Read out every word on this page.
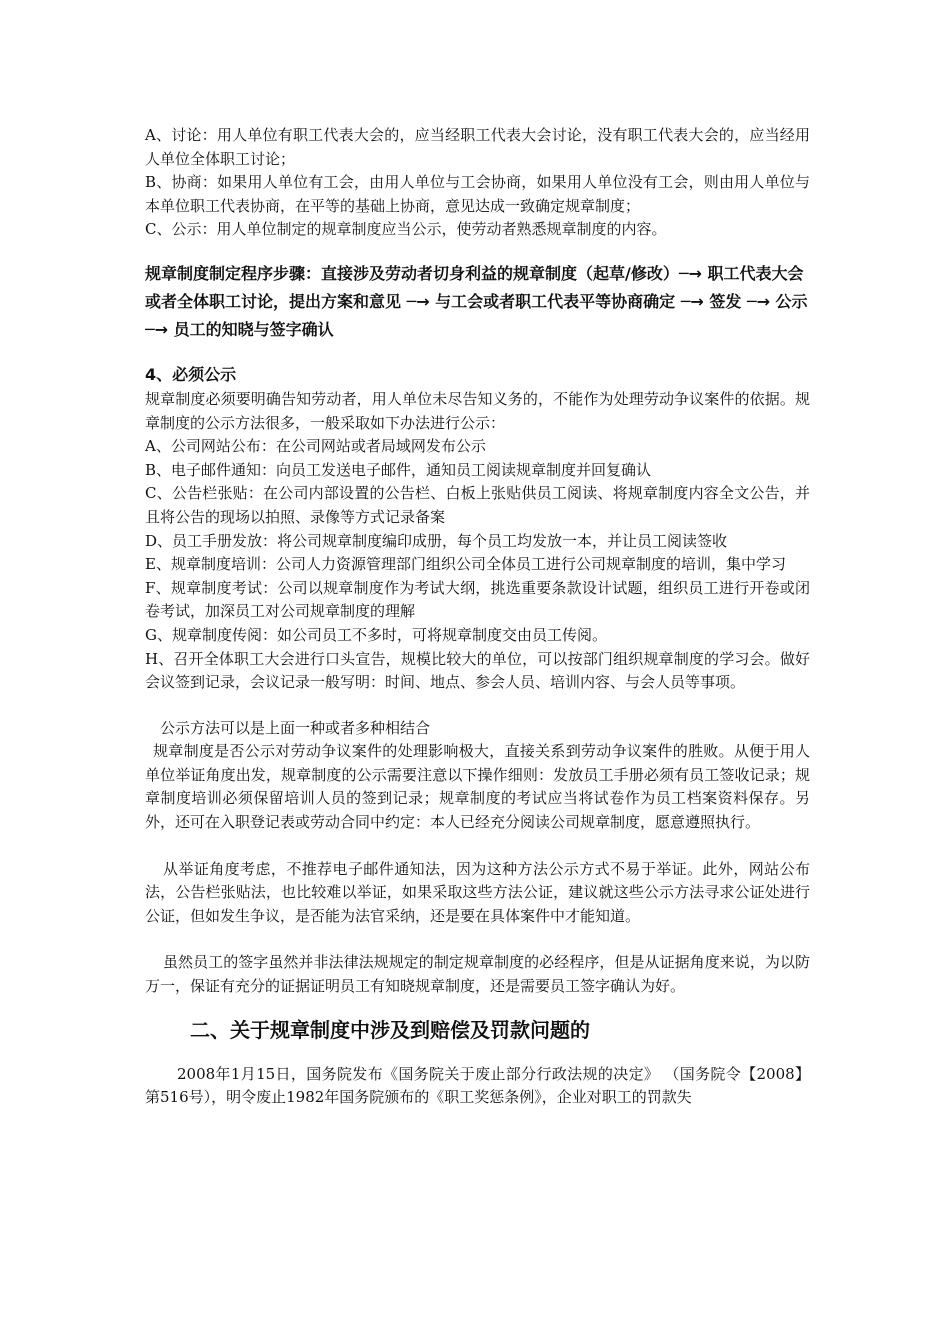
A、讨论：用人单位有职工代表大会的，应当经职工代表大会讨论，没有职工代表大会的，应当经用人单位全体职工讨论；

B、协商：如果用人单位有工会，由用人单位与工会协商，如果用人单位没有工会，则由用人单位与本单位职工代表协商，在平等的基础上协商，意见达成一致确定规章制度；

C、公示：用人单位制定的规章制度应当公示，使劳动者熟悉规章制度的内容。

规章制度制定程序步骤：直接涉及劳动者切身利益的规章制度（起草/修改）─→ 职工代表大会或者全体职工讨论，提出方案和意见 ─→ 与工会或者职工代表平等协商确定 ─→ 签发 ─→ 公示 ─→ 员工的知晓与签字确认

4、必须公示

规章制度必须要明确告知劳动者，用人单位未尽告知义务的，不能作为处理劳动争议案件的依据。规章制度的公示方法很多，一般采取如下办法进行公示：

A、公司网站公布：在公司网站或者局域网发布公示

B、电子邮件通知：向员工发送电子邮件，通知员工阅读规章制度并回复确认

C、公告栏张贴：在公司内部设置的公告栏、白板上张贴供员工阅读、将规章制度内容全文公告，并且将公告的现场以拍照、录像等方式记录备案

D、员工手册发放：将公司规章制度编印成册，每个员工均发放一本，并让员工阅读签收

E、规章制度培训：公司人力资源管理部门组织公司全体员工进行公司规章制度的培训，集中学习

F、规章制度考试：公司以规章制度作为考试大纲，挑选重要条款设计试题，组织员工进行开卷或闭卷考试，加深员工对公司规章制度的理解

G、规章制度传阅：如公司员工不多时，可将规章制度交由员工传阅。

H、召开全体职工大会进行口头宣告，规模比较大的单位，可以按部门组织规章制度的学习会。做好会议签到记录，会议记录一般写明：时间、地点、参会人员、培训内容、与会人员等事项。

公示方法可以是上面一种或者多种相结合

规章制度是否公示对劳动争议案件的处理影响极大，直接关系到劳动争议案件的胜败。从便于用人单位举证角度出发，规章制度的公示需要注意以下操作细则：发放员工手册必须有员工签收记录；规章制度培训必须保留培训人员的签到记录；规章制度的考试应当将试卷作为员工档案资料保存。另外，还可在入职登记表或劳动合同中约定：本人已经充分阅读公司规章制度，愿意遵照执行。

从举证角度考虑，不推荐电子邮件通知法，因为这种方法公示方式不易于举证。此外，网站公布法，公告栏张贴法，也比较难以举证，如果采取这些方法公证，建议就这些公示方法寻求公证处进行公证，但如发生争议，是否能为法官采纳，还是要在具体案件中才能知道。

虽然员工的签字虽然并非法律法规规定的制定规章制度的必经程序，但是从证据角度来说，为以防万一，保证有充分的证据证明员工有知晓规章制度，还是需要员工签字确认为好。

二、关于规章制度中涉及到赔偿及罚款问题的

2008年1月15日，国务院发布《国务院关于废止部分行政法规的决定》 （国务院令【2008】第516号），明令废止1982年国务院颁布的《职工奖惩条例》，企业对职工的罚款失
